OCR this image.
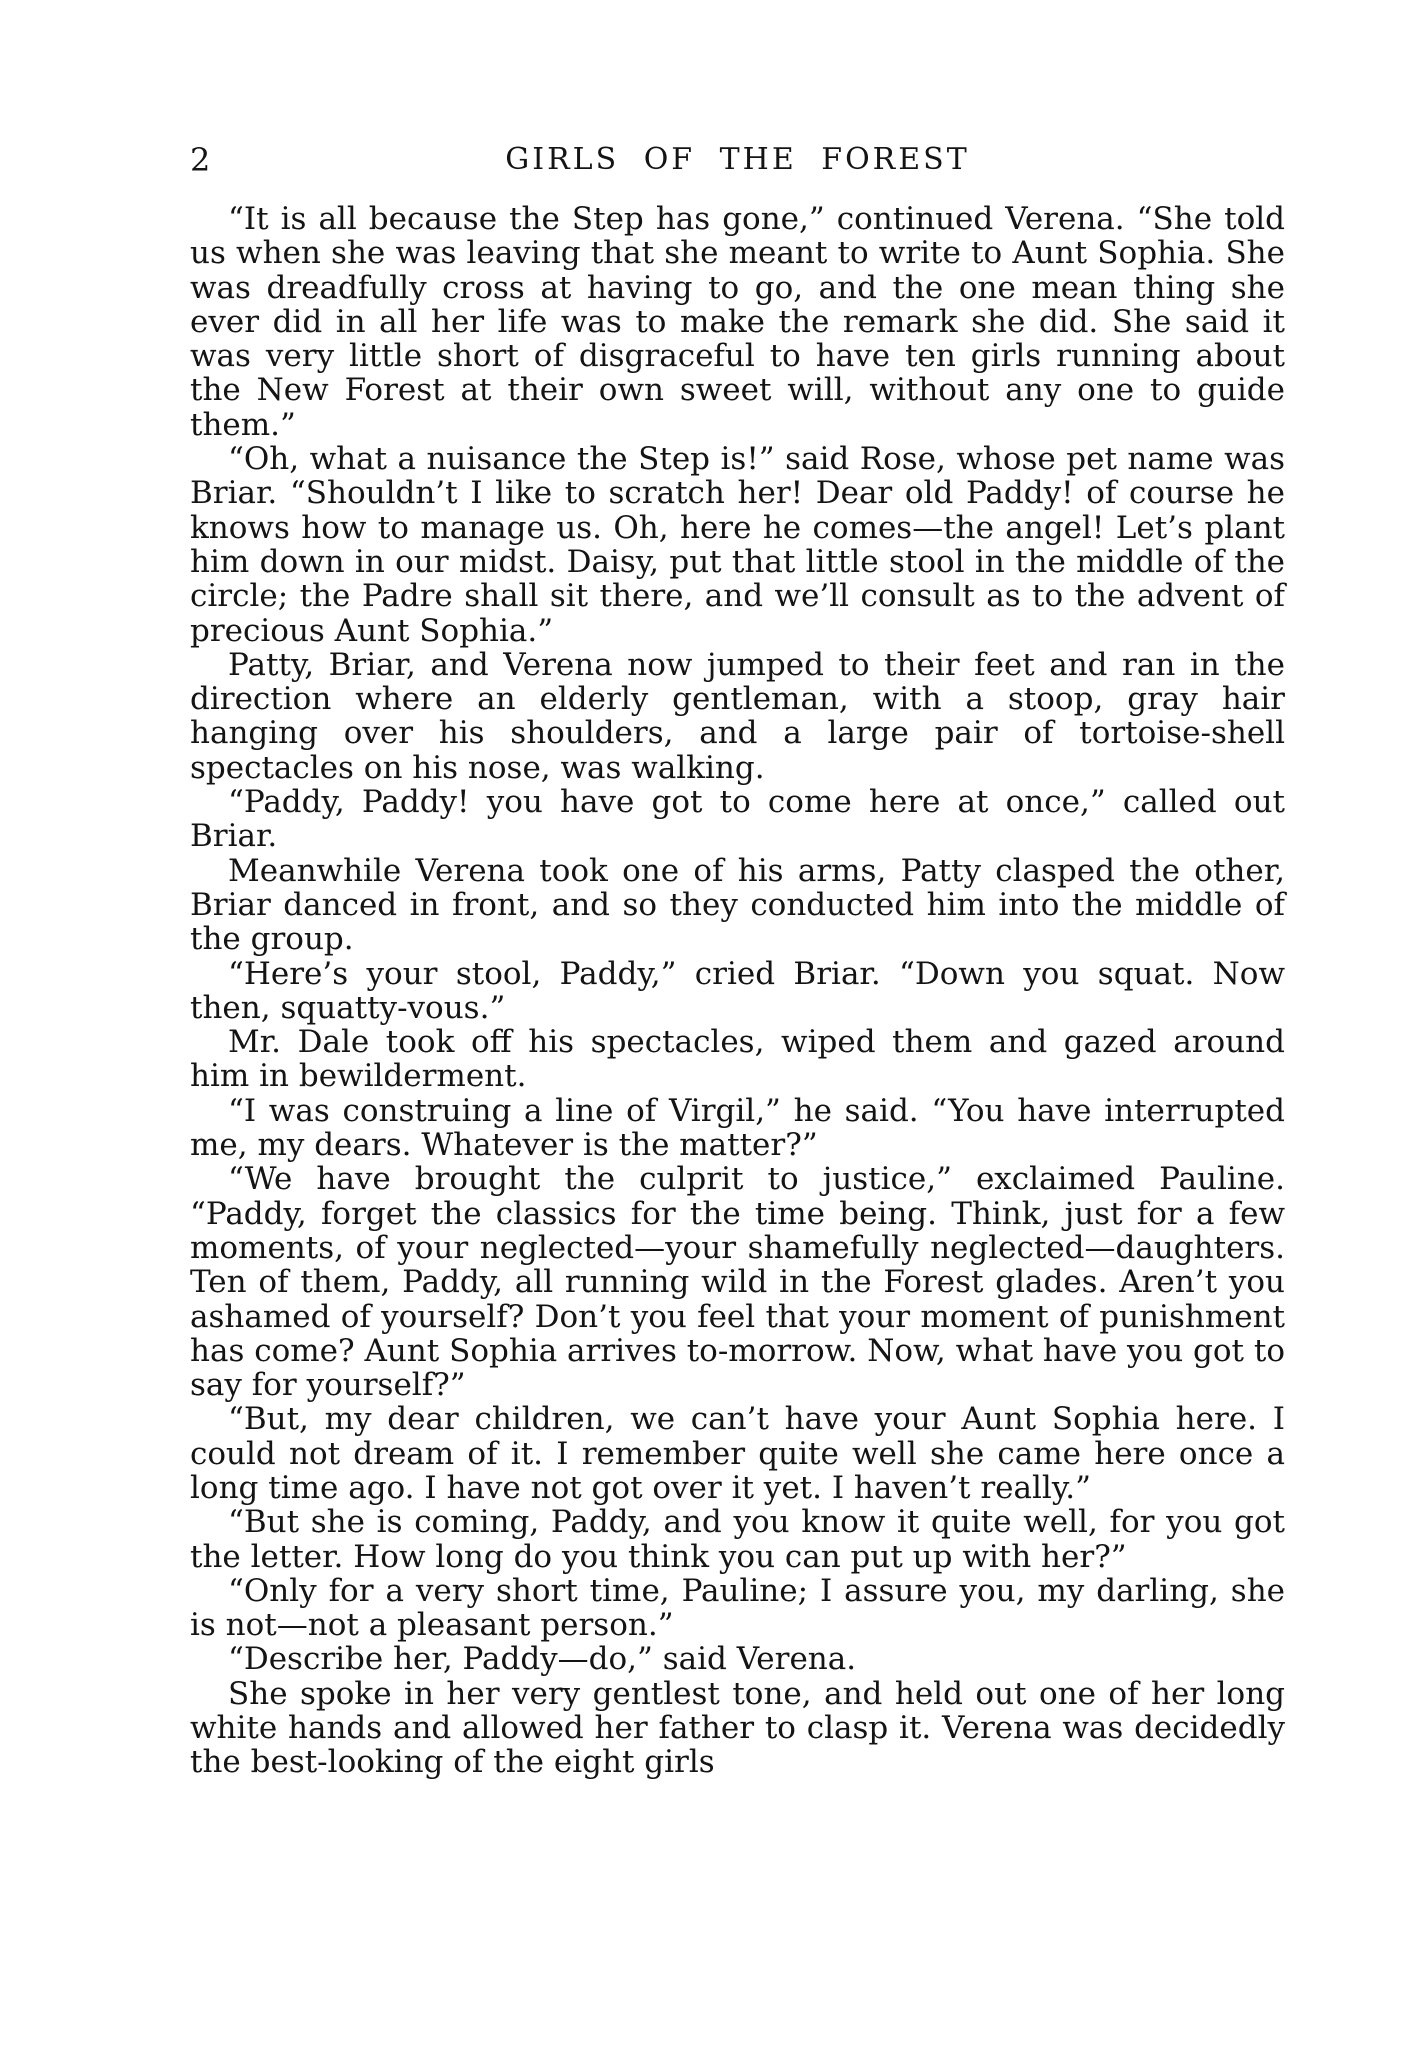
2	GIRLS OF THE FOREST

“It is all because the Step has gone,” continued Verena. “She told us when she was leaving that she meant to write to Aunt Sophia. She was dreadfully cross at having to go, and the one mean thing she ever did in all her life was to make the remark she did. She said it was very little short of disgraceful to have ten girls running about the New Forest at their own sweet will, without any one to guide them.”

“Oh, what a nuisance the Step is!” said Rose, whose pet name was Briar. “Shouldn’t I like to scratch her! Dear old Paddy! of course he knows how to manage us. Oh, here he comes—the angel! Let’s plant him down in our midst. Daisy, put that little stool in the middle of the circle; the Padre shall sit there, and we’ll consult as to the advent of precious Aunt Sophia.”

Patty, Briar, and Verena now jumped to their feet and ran in the direction where an elderly gentleman, with a stoop, gray hair hanging over his shoulders, and a large pair of tortoise-shell spectacles on his nose, was walking.

“Paddy, Paddy! you have got to come here at once,” called out Briar.

Meanwhile Verena took one of his arms, Patty clasped the other, Briar danced in front, and so they conducted him into the middle of the group.

“Here’s your stool, Paddy,” cried Briar. “Down you squat. Now then, squatty-vous.”

Mr. Dale took off his spectacles, wiped them and gazed around him in bewilderment.

“I was construing a line of Virgil,” he said. “You have interrupted me, my dears. Whatever is the matter?”

“We have brought the culprit to justice,” exclaimed Pauline. “Paddy, forget the classics for the time being. Think, just for a few moments, of your neglected—your shamefully neglected—daughters. Ten of them, Paddy, all running wild in the Forest glades. Aren’t you ashamed of yourself? Don’t you feel that your moment of punishment has come? Aunt Sophia arrives to-morrow. Now, what have you got to say for yourself?”

“But, my dear children, we can’t have your Aunt Sophia here. I could not dream of it. I remember quite well she came here once a long time ago. I have not got over it yet. I haven’t really.”

“But she is coming, Paddy, and you know it quite well, for you got the letter. How long do you think you can put up with her?”

“Only for a very short time, Pauline; I assure you, my darling, she is not—not a pleasant person.”

“Describe her, Paddy—do,” said Verena.

She spoke in her very gentlest tone, and held out one of her long white hands and allowed her father to clasp it. Verena was decidedly the best-looking of the eight girls
